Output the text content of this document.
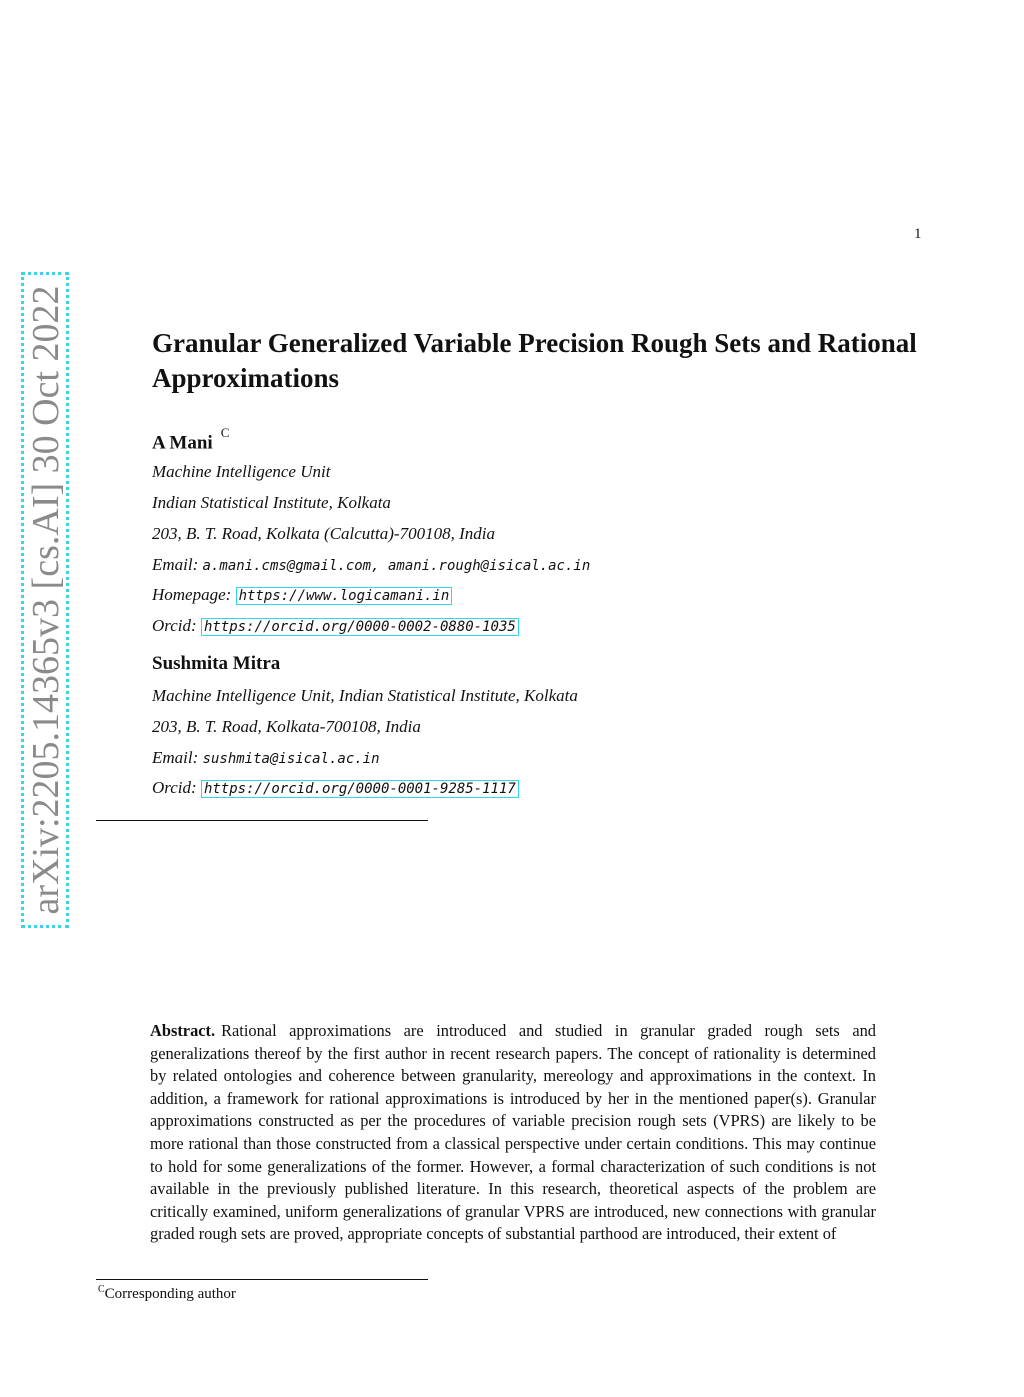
1
arXiv:2205.14365v3 [cs.AI] 30 Oct 2022	Granular Generalized Variable Precision Rough Sets and Rational Approximations
A Mani $^C$
Machine Intelligence Unit
Indian Statistical Institute, Kolkata
203, B. T. Road, Kolkata (Calcutta)-700108, India
Email: a.mani.cms@gmail.com, amani.rough@isical.ac.in
Homepage: https://www.logicamani.in
Orcid: https://orcid.org/0000-0002-0880-1035
Sushmita Mitra
Machine Intelligence Unit, Indian Statistical Institute, Kolkata
203, B. T. Road, Kolkata-700108, India
Email: sushmita@isical.ac.in
Orcid: https://orcid.org/0000-0001-9285-1117

Abstract. Rational approximations are introduced and studied in granular graded rough sets and generalizations thereof by the first author in recent research papers. The concept of rationality is determined by related ontologies and coherence between granularity, mereology and approximations in the context. In addition, a framework for rational approximations is introduced by her in the mentioned paper(s). Granular approximations constructed as per the procedures of variable precision rough sets (VPRS) are likely to be more rational than those constructed from a classical perspective under certain conditions. This may continue to hold for some generalizations of the former. However, a formal characterization of such conditions is not available in the previously published literature. In this research, theoretical aspects of the problem are critically examined, uniform generalizations of granular VPRS are introduced, new connections with granular graded rough sets are proved, appropriate concepts of substantial parthood are introduced, their extent of

$^C$Corresponding author
